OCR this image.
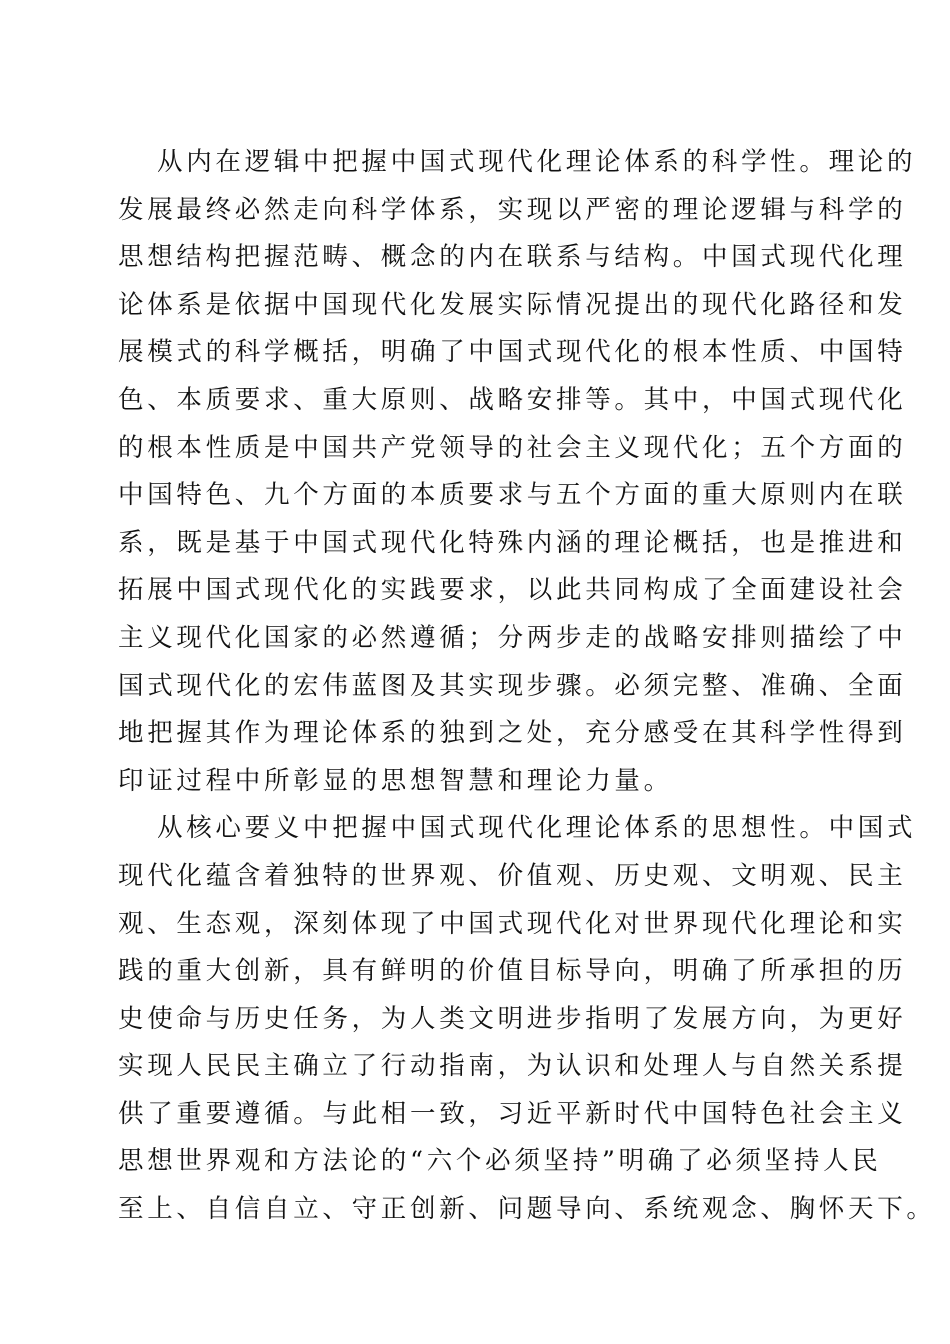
从内在逻辑中把握中国式现代化理论体系的科学性。理论的
发展最终必然走向科学体系，实现以严密的理论逻辑与科学的
思想结构把握范畴、概念的内在联系与结构。中国式现代化理
论体系是依据中国现代化发展实际情况提出的现代化路径和发
展模式的科学概括，明确了中国式现代化的根本性质、中国特
色、本质要求、重大原则、战略安排等。其中，中国式现代化
的根本性质是中国共产党领导的社会主义现代化；五个方面的
中国特色、九个方面的本质要求与五个方面的重大原则内在联
系，既是基于中国式现代化特殊内涵的理论概括，也是推进和
拓展中国式现代化的实践要求，以此共同构成了全面建设社会
主义现代化国家的必然遵循；分两步走的战略安排则描绘了中
国式现代化的宏伟蓝图及其实现步骤。必须完整、准确、全面
地把握其作为理论体系的独到之处，充分感受在其科学性得到
印证过程中所彰显的思想智慧和理论力量。
从核心要义中把握中国式现代化理论体系的思想性。中国式
现代化蕴含着独特的世界观、价值观、历史观、文明观、民主
观、生态观，深刻体现了中国式现代化对世界现代化理论和实
践的重大创新，具有鲜明的价值目标导向，明确了所承担的历
史使命与历史任务，为人类文明进步指明了发展方向，为更好
实现人民民主确立了行动指南，为认识和处理人与自然关系提
供了重要遵循。与此相一致，习近平新时代中国特色社会主义
思想世界观和方法论的“六个必须坚持”明确了必须坚持人民
至上、自信自立、守正创新、问题导向、系统观念、胸怀天下。
